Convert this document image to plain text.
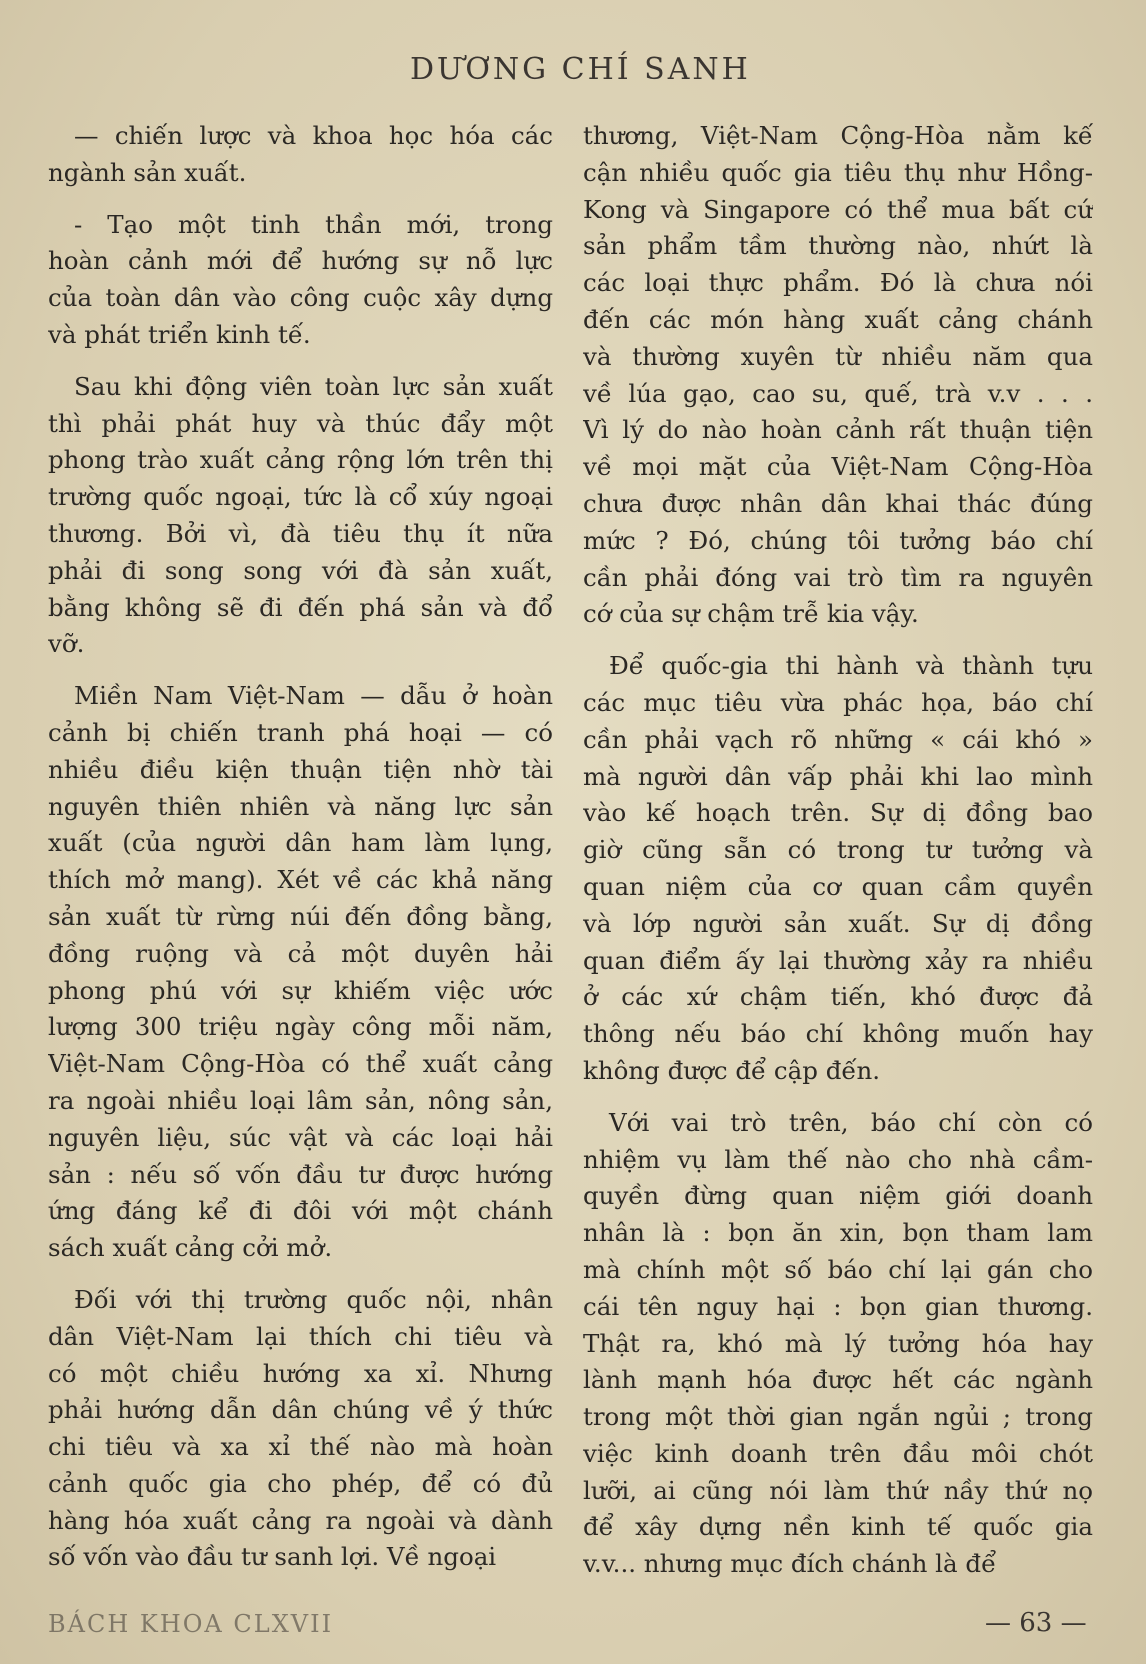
DƯƠNG CHÍ SANH
— chiến lược và khoa học hóa các
ngành sản xuất.
- Tạo một tinh thần mới, trong
hoàn cảnh mới để hướng sự nỗ lực
của toàn dân vào công cuộc xây dựng
và phát triển kinh tế.
Sau khi động viên toàn lực sản xuất
thì phải phát huy và thúc đẩy một
phong trào xuất cảng rộng lớn trên thị
trường quốc ngoại, tức là cổ xúy ngoại
thương. Bởi vì, đà tiêu thụ ít nữa
phải đi song song với đà sản xuất,
bằng không sẽ đi đến phá sản và đổ
vỡ.
Miền Nam Việt-Nam — dẫu ở hoàn
cảnh bị chiến tranh phá hoại — có
nhiều điều kiện thuận tiện nhờ tài
nguyên thiên nhiên và năng lực sản
xuất (của người dân ham làm lụng,
thích mở mang). Xét về các khả năng
sản xuất từ rừng núi đến đồng bằng,
đồng ruộng và cả một duyên hải
phong phú với sự khiếm việc ước
lượng 300 triệu ngày công mỗi năm,
Việt-Nam Cộng-Hòa có thể xuất cảng
ra ngoài nhiều loại lâm sản, nông sản,
nguyên liệu, súc vật và các loại hải
sản : nếu số vốn đầu tư được hướng
ứng đáng kể đi đôi với một chánh
sách xuất cảng cởi mở.
Đối với thị trường quốc nội, nhân
dân Việt-Nam lại thích chi tiêu và
có một chiều hướng xa xỉ. Nhưng
phải hướng dẫn dân chúng về ý thức
chi tiêu và xa xỉ thế nào mà hoàn
cảnh quốc gia cho phép, để có đủ
hàng hóa xuất cảng ra ngoài và dành
số vốn vào đầu tư sanh lợi. Về ngoại
thương, Việt-Nam Cộng-Hòa nằm kế
cận nhiều quốc gia tiêu thụ như Hồng-
Kong và Singapore có thể mua bất cứ
sản phẩm tầm thường nào, nhứt là
các loại thực phẩm. Đó là chưa nói
đến các món hàng xuất cảng chánh
và thường xuyên từ nhiều năm qua
về lúa gạo, cao su, quế, trà v.v . . .
Vì lý do nào hoàn cảnh rất thuận tiện
về mọi mặt của Việt-Nam Cộng-Hòa
chưa được nhân dân khai thác đúng
mức ? Đó, chúng tôi tưởng báo chí
cần phải đóng vai trò tìm ra nguyên
cớ của sự chậm trễ kia vậy.
Để quốc-gia thi hành và thành tựu
các mục tiêu vừa phác họa, báo chí
cần phải vạch rõ những « cái khó »
mà người dân vấp phải khi lao mình
vào kế hoạch trên. Sự dị đồng bao
giờ cũng sẵn có trong tư tưởng và
quan niệm của cơ quan cầm quyền
và lớp người sản xuất. Sự dị đồng
quan điểm ấy lại thường xảy ra nhiều
ở các xứ chậm tiến, khó được đả
thông nếu báo chí không muốn hay
không được để cập đến.
Với vai trò trên, báo chí còn có
nhiệm vụ làm thế nào cho nhà cầm-
quyền đừng quan niệm giới doanh
nhân là : bọn ăn xin, bọn tham lam
mà chính một số báo chí lại gán cho
cái tên nguy hại : bọn gian thương.
Thật ra, khó mà lý tưởng hóa hay
lành mạnh hóa được hết các ngành
trong một thời gian ngắn ngủi ; trong
việc kinh doanh trên đầu môi chót
lưỡi, ai cũng nói làm thứ nầy thứ nọ
để xây dựng nền kinh tế quốc gia
v.v... nhưng mục đích chánh là để
BÁCH KHOA CLXVII	— 63 —
